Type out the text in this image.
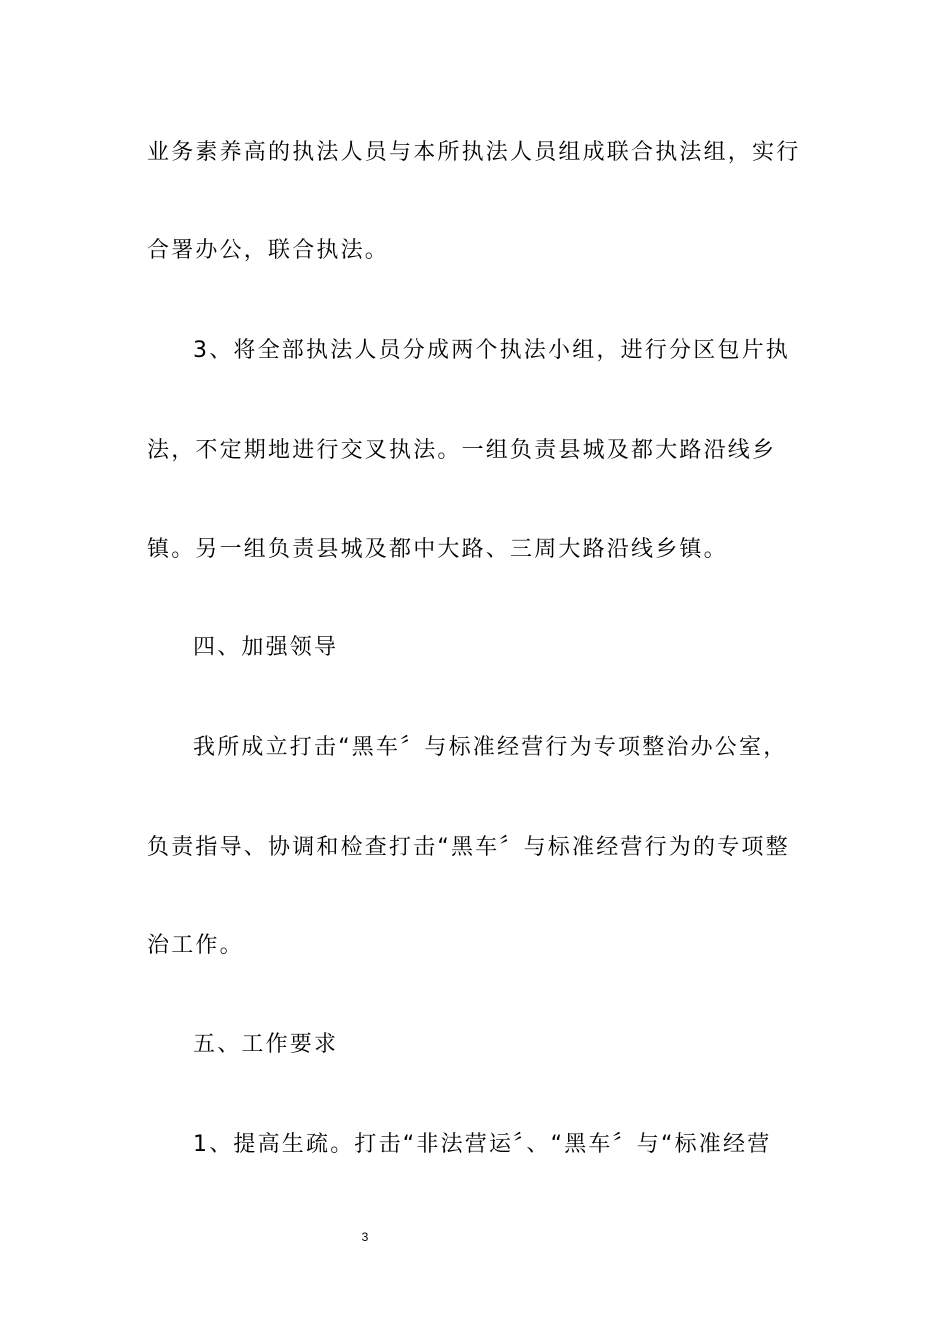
业务素养高的执法人员与本所执法人员组成联合执法组，实行
合署办公，联合执法。
3、将全部执法人员分成两个执法小组，进行分区包片执
法，不定期地进行交叉执法。一组负责县城及都大路沿线乡
镇。另一组负责县城及都中大路、三周大路沿线乡镇。
四、加强领导
我所成立打击“黑车〞与标准经营行为专项整治办公室，
负责指导、协调和检查打击“黑车〞与标准经营行为的专项整
治工作。
五、工作要求
1、提高生疏。打击“非法营运〞、“黑车〞与“标准经营
3
